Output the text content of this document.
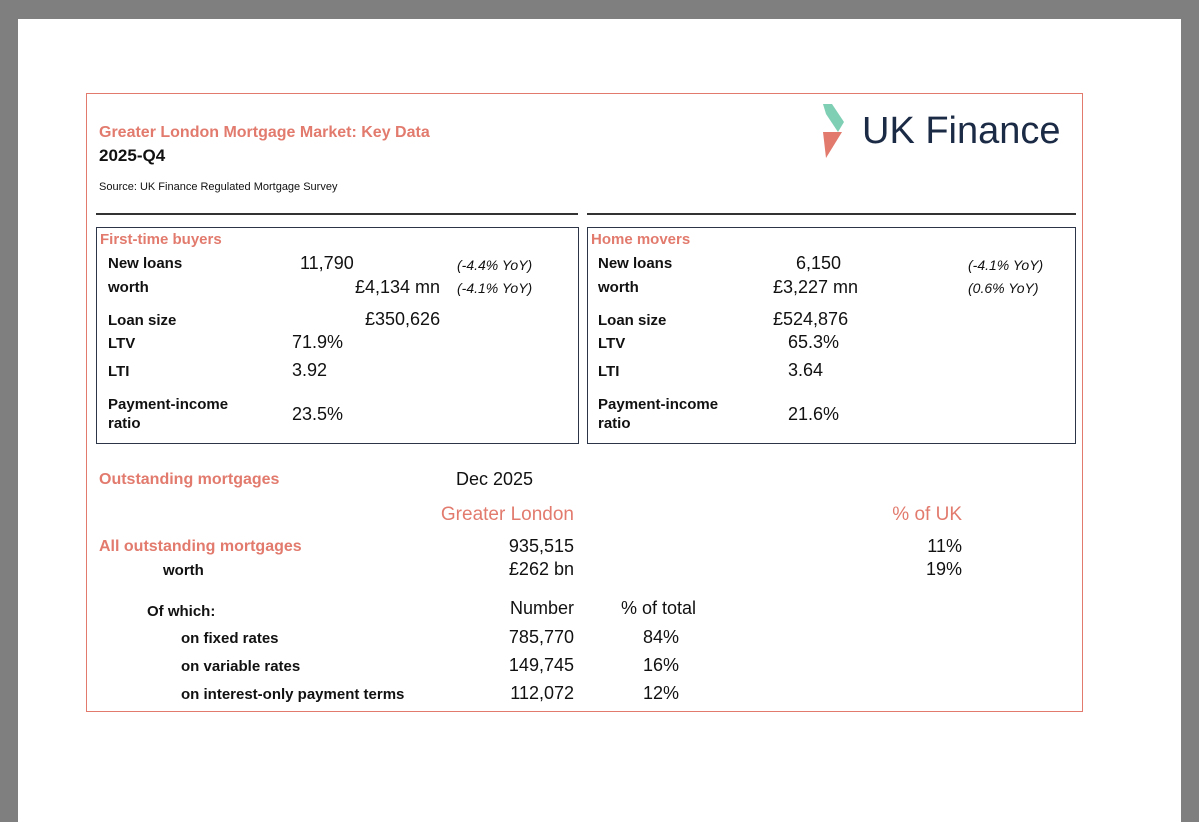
Greater London Mortgage Market: Key Data
2025-Q4
Source: UK Finance Regulated Mortgage Survey
UK Finance
First-time buyers
New loans	11,790	(-4.4% YoY)
worth	£4,134 mn (-4.1% YoY)
Loan size	£350,626
LTV	71.9%
LTI	3.92
Payment-income ratio	23.5%
Home movers
New loans	6,150	(-4.1% YoY)
worth	£3,227 mn	(0.6% YoY)
Loan size	£524,876
LTV	65.3%
LTI	3.64
Payment-income ratio	21.6%
Outstanding mortgages	Dec 2025
Greater London	% of UK
All outstanding mortgages	935,515	11%
worth	£262 bn	19%
Of which:	Number	% of total
on fixed rates	785,770	84%
on variable rates	149,745	16%
on interest-only payment terms	112,072	12%
